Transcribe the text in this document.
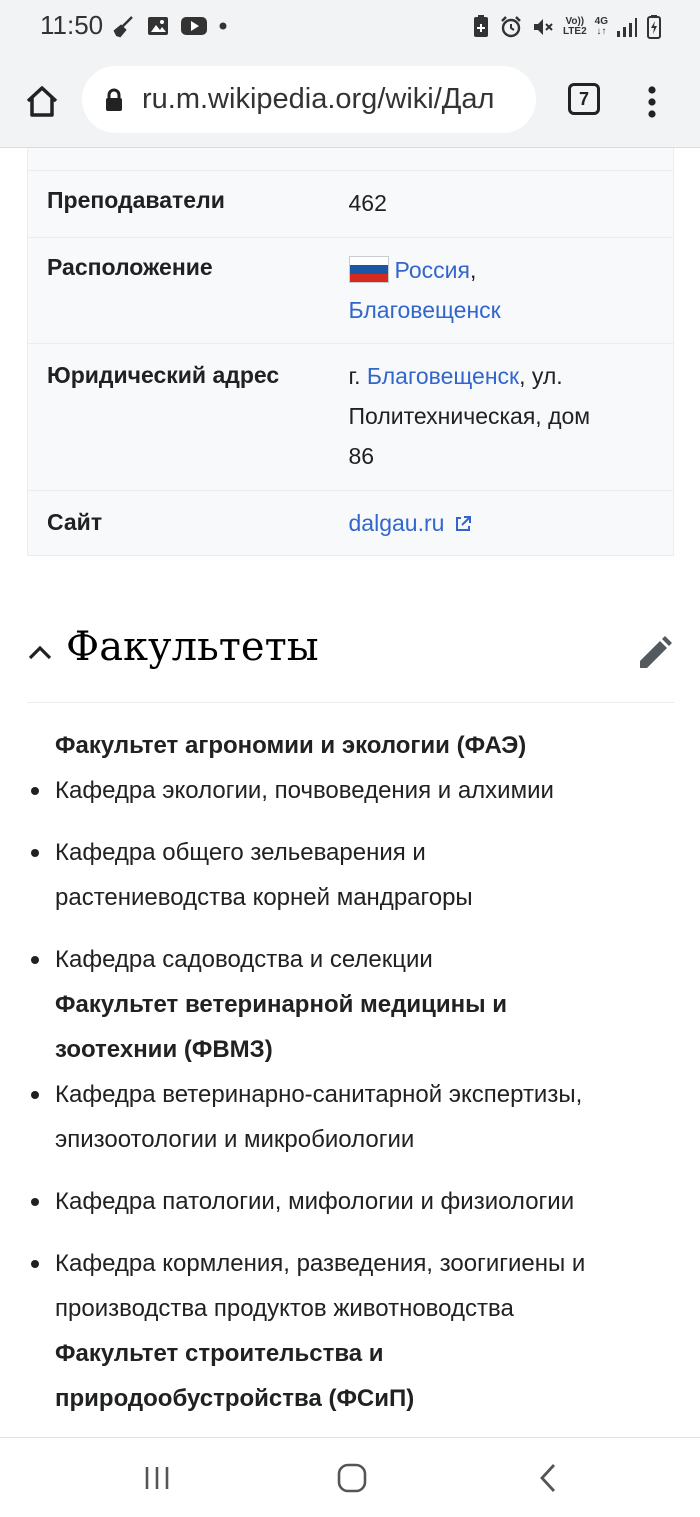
11:50	Vo))
LTE2
4G
↓↑
ru.m.wikipedia.org/wiki/Дал	7
Преподаватели	462
Расположение	Россия,
Благовещенск
Юридический адрес	г. Благовещенск, ул.
Политехническая, дом
86
Сайт	dalgau.ru
Факультеты
Факультет агрономии и экологии (ФАЭ)
Кафедра экологии, почвоведения и алхимии
Кафедра общего зельеварения и
растениеводства корней мандрагоры
Кафедра садоводства и селекции
Факультет ветеринарной медицины и
зоотехнии (ФВМЗ)
Кафедра ветеринарно-санитарной экспертизы,
эпизоотологии и микробиологии
Кафедра патологии, мифологии и физиологии
Кафедра кормления, разведения, зоогигиены и
производства продуктов животноводства
Факультет строительства и
природообустройства (ФСиП)
